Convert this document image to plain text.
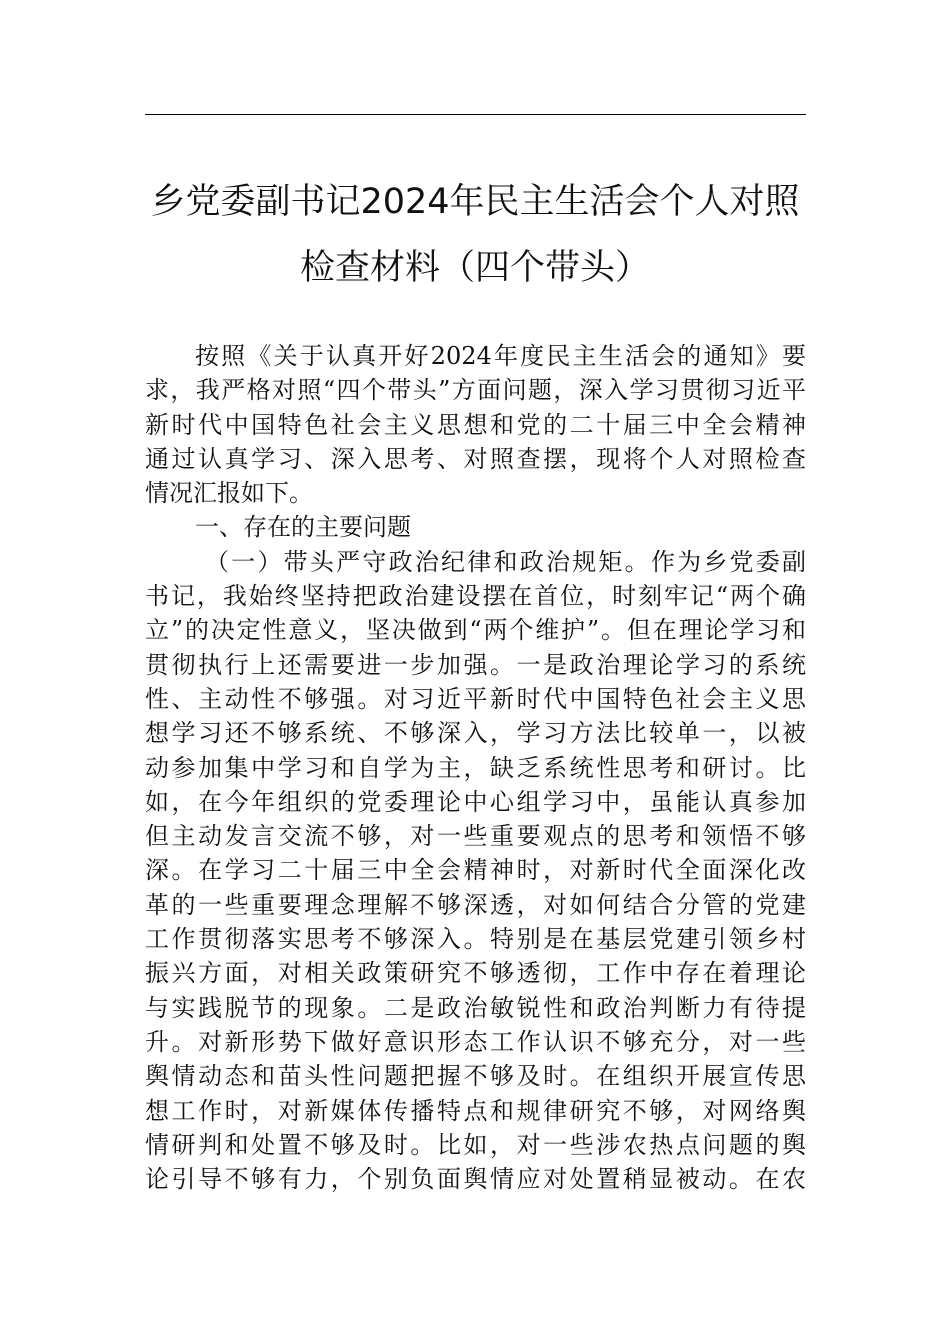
乡党委副书记2024年民主生活会个人对照
检查材料（四个带头）
按照《关于认真开好2024年度民主生活会的通知》要
求，我严格对照“四个带头”方面问题，深入学习贯彻习近平
新时代中国特色社会主义思想和党的二十届三中全会精神
通过认真学习、深入思考、对照查摆，现将个人对照检查
情况汇报如下。
一、存在的主要问题
（一）带头严守政治纪律和政治规矩。作为乡党委副
书记，我始终坚持把政治建设摆在首位，时刻牢记“两个确
立”的决定性意义，坚决做到“两个维护”。但在理论学习和
贯彻执行上还需要进一步加强。一是政治理论学习的系统
性、主动性不够强。对习近平新时代中国特色社会主义思
想学习还不够系统、不够深入，学习方法比较单一，以被
动参加集中学习和自学为主，缺乏系统性思考和研讨。比
如，在今年组织的党委理论中心组学习中，虽能认真参加
但主动发言交流不够，对一些重要观点的思考和领悟不够
深。在学习二十届三中全会精神时，对新时代全面深化改
革的一些重要理念理解不够深透，对如何结合分管的党建
工作贯彻落实思考不够深入。特别是在基层党建引领乡村
振兴方面，对相关政策研究不够透彻，工作中存在着理论
与实践脱节的现象。二是政治敏锐性和政治判断力有待提
升。对新形势下做好意识形态工作认识不够充分，对一些
舆情动态和苗头性问题把握不够及时。在组织开展宣传思
想工作时，对新媒体传播特点和规律研究不够，对网络舆
情研判和处置不够及时。比如，对一些涉农热点问题的舆
论引导不够有力，个别负面舆情应对处置稍显被动。在农
